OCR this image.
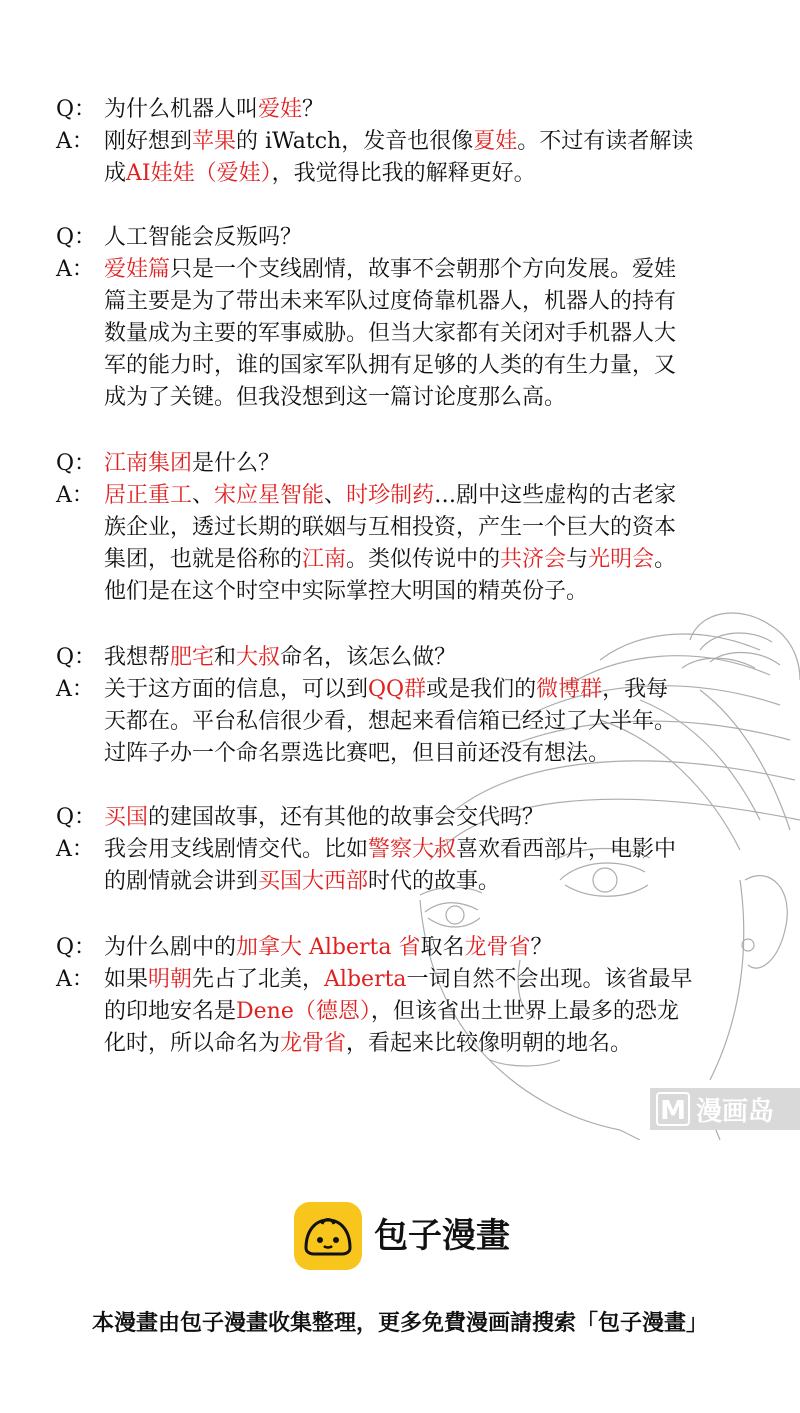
Q： 为什么机器人叫爱娃？
A： 刚好想到苹果的 iWatch，发音也很像夏娃。不过有读者解读
成AI娃娃（爱娃），我觉得比我的解释更好。
Q： 人工智能会反叛吗？
A： 爱娃篇只是一个支线剧情，故事不会朝那个方向发展。爱娃
篇主要是为了带出未来军队过度倚靠机器人，机器人的持有
数量成为主要的军事威胁。但当大家都有关闭对手机器人大
军的能力时，谁的国家军队拥有足够的人类的有生力量，又
成为了关键。但我没想到这一篇讨论度那么高。
Q： 江南集团是什么？
A： 居正重工、宋应星智能、时珍制药…剧中这些虚构的古老家
族企业，透过长期的联姻与互相投资，产生一个巨大的资本
集团，也就是俗称的江南。类似传说中的共济会与光明会。
他们是在这个时空中实际掌控大明国的精英份子。
Q： 我想帮肥宅和大叔命名，该怎么做？
A： 关于这方面的信息，可以到QQ群或是我们的微博群，我每
天都在。平台私信很少看，想起来看信箱已经过了大半年。
过阵子办一个命名票选比赛吧，但目前还没有想法。
Q： 买国的建国故事，还有其他的故事会交代吗？
A： 我会用支线剧情交代。比如警察大叔喜欢看西部片，电影中
的剧情就会讲到买国大西部时代的故事。
Q： 为什么剧中的加拿大 Alberta 省取名龙骨省？
A： 如果明朝先占了北美，Alberta一词自然不会出现。该省最早
的印地安名是Dene（德恩），但该省出土世界上最多的恐龙
化时，所以命名为龙骨省，看起来比较像明朝的地名。
M 漫画岛
包子漫畫
本漫畫由包子漫畫收集整理，更多免費漫画請搜索「包子漫畫」
